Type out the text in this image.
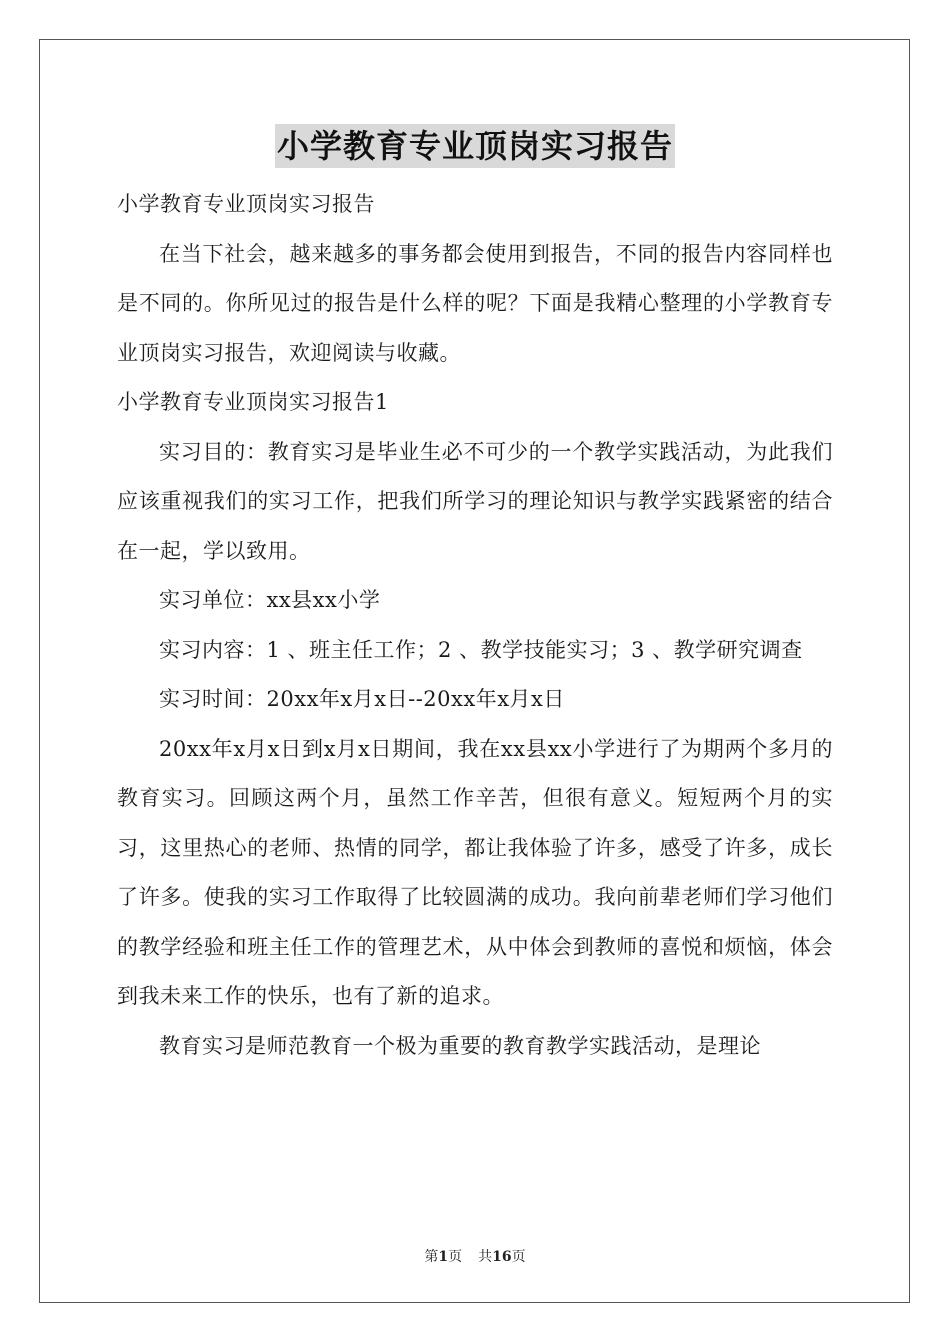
小学教育专业顶岗实习报告

小学教育专业顶岗实习报告

在当下社会，越来越多的事务都会使用到报告，不同的报告内容同样也是不同的。你所见过的报告是什么样的呢？下面是我精心整理的小学教育专业顶岗实习报告，欢迎阅读与收藏。

小学教育专业顶岗实习报告1

实习目的：教育实习是毕业生必不可少的一个教学实践活动，为此我们应该重视我们的实习工作，把我们所学习的理论知识与教学实践紧密的结合在一起，学以致用。

实习单位：xx县xx小学

实习内容：1 、班主任工作；2 、教学技能实习；3 、教学研究调查

实习时间：20xx年x月x日--20xx年x月x日

20xx年x月x日到x月x日期间，我在xx县xx小学进行了为期两个多月的教育实习。回顾这两个月，虽然工作辛苦，但很有意义。短短两个月的实习，这里热心的老师、热情的同学，都让我体验了许多，感受了许多，成长了许多。使我的实习工作取得了比较圆满的成功。我向前辈老师们学习他们的教学经验和班主任工作的管理艺术，从中体会到教师的喜悦和烦恼，体会到我未来工作的快乐，也有了新的追求。

教育实习是师范教育一个极为重要的教育教学实践活动，是理论

第1页 共16页
